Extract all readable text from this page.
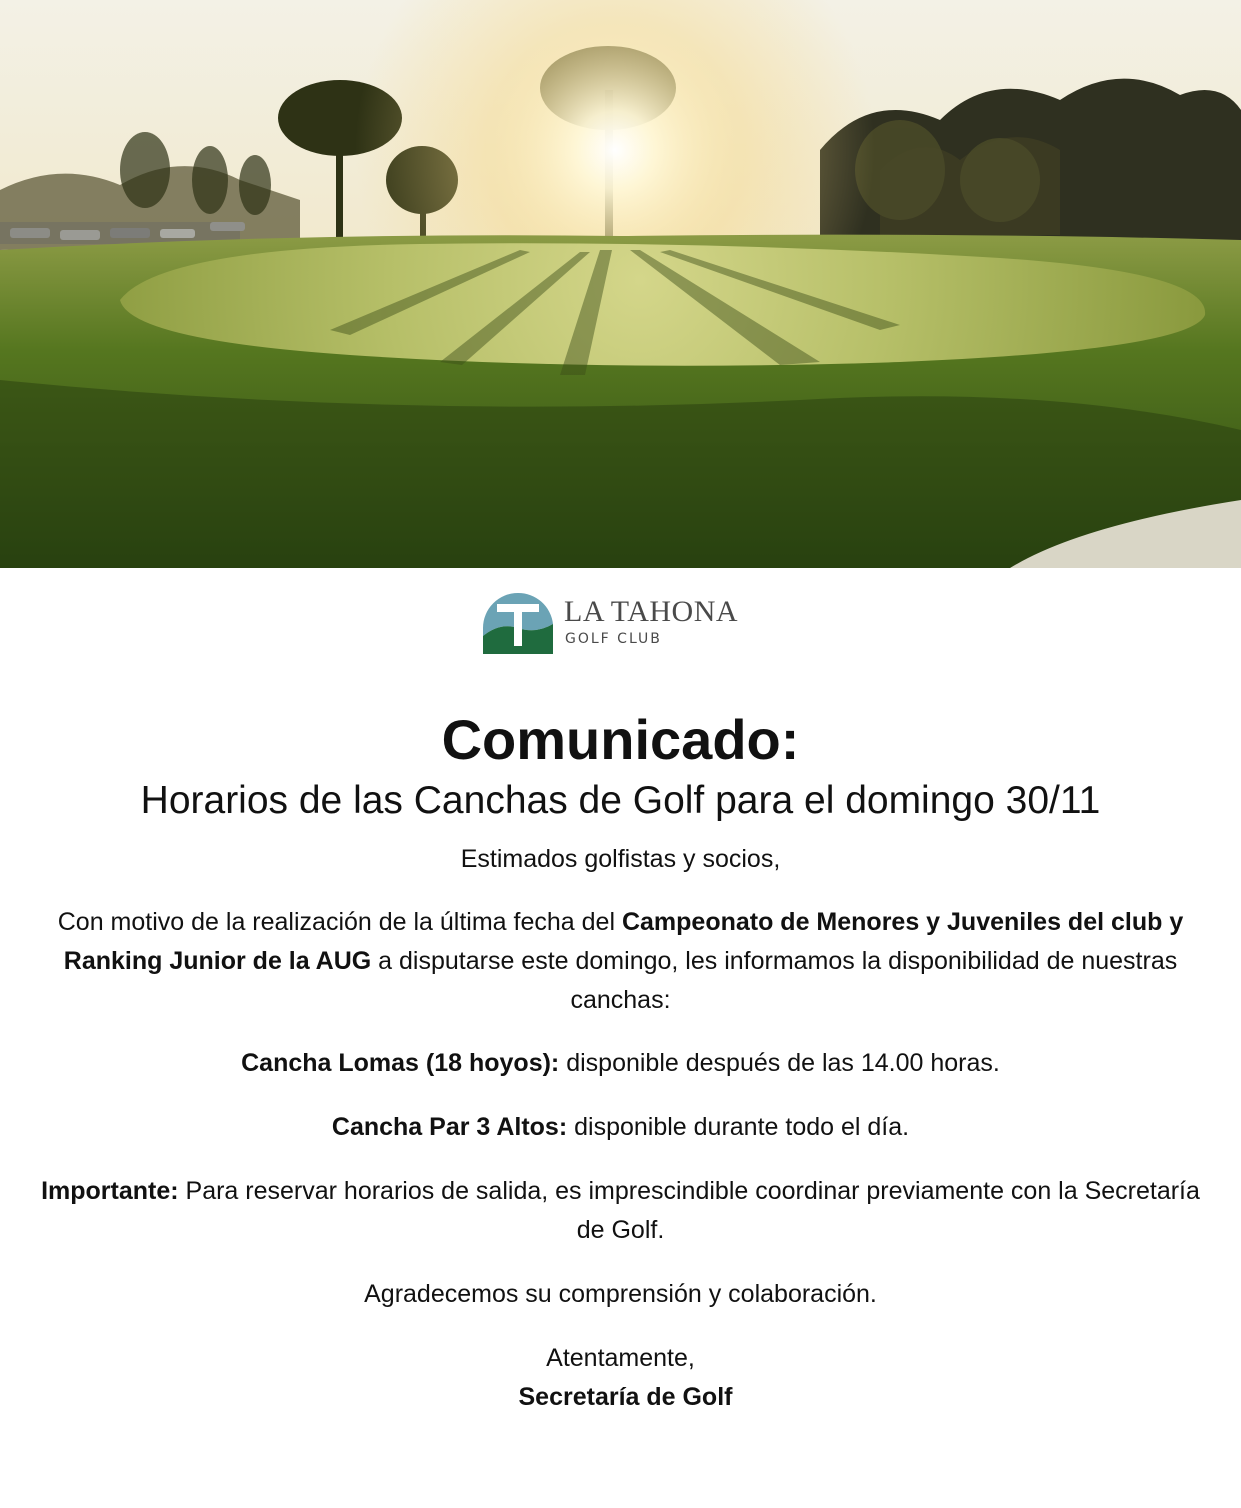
LA TAHONA
GOLF CLUB
Comunicado:
Horarios de las Canchas de Golf para el domingo 30/11

Estimados golfistas y socios,

Con motivo de la realización de la última fecha del Campeonato de Menores y Juveniles del club y Ranking Junior de la AUG a disputarse este domingo, les informamos la disponibilidad de nuestras canchas:

Cancha Lomas (18 hoyos): disponible después de las 14.00 horas.

Cancha Par 3 Altos: disponible durante todo el día.

Importante: Para reservar horarios de salida, es imprescindible coordinar previamente con la Secretaría de Golf.

Agradecemos su comprensión y colaboración.

Atentamente,

Secretaría de Golf
